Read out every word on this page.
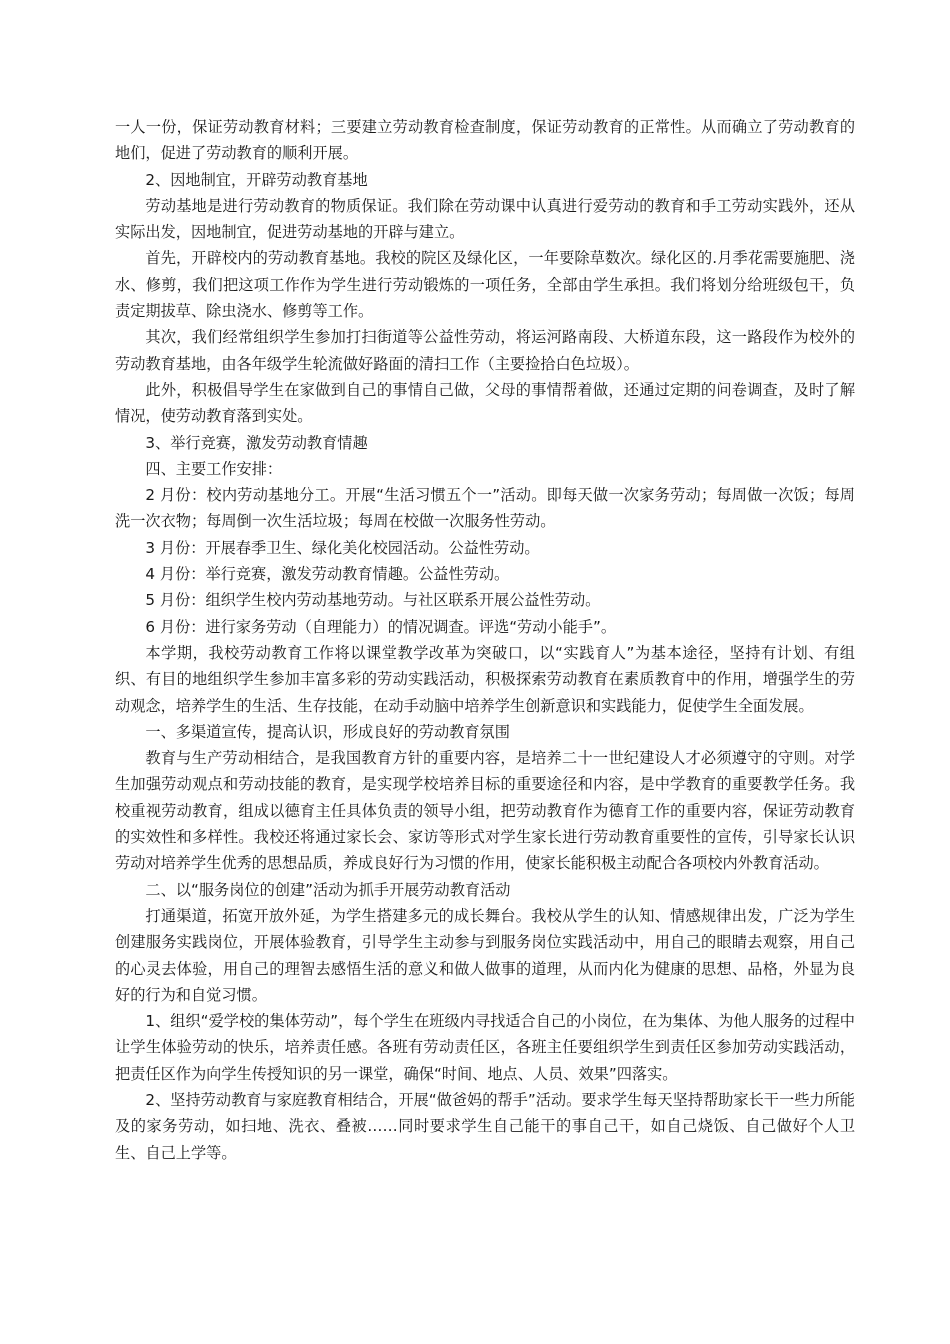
一人一份，保证劳动教育材料；三要建立劳动教育检查制度，保证劳动教育的正常性。从而确立了劳动教育的地们，促进了劳动教育的顺利开展。

2、因地制宜，开辟劳动教育基地

劳动基地是进行劳动教育的物质保证。我们除在劳动课中认真进行爱劳动的教育和手工劳动实践外，还从实际出发，因地制宜，促进劳动基地的开辟与建立。

首先，开辟校内的劳动教育基地。我校的院区及绿化区，一年要除草数次。绿化区的.月季花需要施肥、浇水、修剪，我们把这项工作作为学生进行劳动锻炼的一项任务，全部由学生承担。我们将划分给班级包干，负责定期拔草、除虫浇水、修剪等工作。

其次，我们经常组织学生参加打扫街道等公益性劳动，将运河路南段、大桥道东段，这一路段作为校外的劳动教育基地，由各年级学生轮流做好路面的清扫工作（主要捡拾白色垃圾）。

此外，积极倡导学生在家做到自己的事情自己做，父母的事情帮着做，还通过定期的问卷调查，及时了解情况，使劳动教育落到实处。

3、举行竞赛，激发劳动教育情趣

四、主要工作安排：

2 月份：校内劳动基地分工。开展“生活习惯五个一”活动。即每天做一次家务劳动；每周做一次饭；每周洗一次衣物；每周倒一次生活垃圾；每周在校做一次服务性劳动。

3 月份：开展春季卫生、绿化美化校园活动。公益性劳动。

4 月份：举行竞赛，激发劳动教育情趣。公益性劳动。

5 月份：组织学生校内劳动基地劳动。与社区联系开展公益性劳动。

6 月份：进行家务劳动（自理能力）的情况调查。评选“劳动小能手”。

本学期，我校劳动教育工作将以课堂教学改革为突破口，以“实践育人”为基本途径，坚持有计划、有组织、有目的地组织学生参加丰富多彩的劳动实践活动，积极探索劳动教育在素质教育中的作用，增强学生的劳动观念，培养学生的生活、生存技能，在动手动脑中培养学生创新意识和实践能力，促使学生全面发展。

一、多渠道宣传，提高认识，形成良好的劳动教育氛围

教育与生产劳动相结合，是我国教育方针的重要内容，是培养二十一世纪建设人才必须遵守的守则。对学生加强劳动观点和劳动技能的教育，是实现学校培养目标的重要途径和内容，是中学教育的重要教学任务。我校重视劳动教育，组成以德育主任具体负责的领导小组，把劳动教育作为德育工作的重要内容，保证劳动教育的实效性和多样性。我校还将通过家长会、家访等形式对学生家长进行劳动教育重要性的宣传，引导家长认识劳动对培养学生优秀的思想品质，养成良好行为习惯的作用，使家长能积极主动配合各项校内外教育活动。

二、以“服务岗位的创建”活动为抓手开展劳动教育活动

打通渠道，拓宽开放外延，为学生搭建多元的成长舞台。我校从学生的认知、情感规律出发，广泛为学生创建服务实践岗位，开展体验教育，引导学生主动参与到服务岗位实践活动中，用自己的眼睛去观察，用自己的心灵去体验，用自己的理智去感悟生活的意义和做人做事的道理，从而内化为健康的思想、品格，外显为良好的行为和自觉习惯。

1、组织“爱学校的集体劳动”，每个学生在班级内寻找适合自己的小岗位，在为集体、为他人服务的过程中让学生体验劳动的快乐，培养责任感。各班有劳动责任区，各班主任要组织学生到责任区参加劳动实践活动，把责任区作为向学生传授知识的另一课堂，确保“时间、地点、人员、效果”四落实。

2、坚持劳动教育与家庭教育相结合，开展“做爸妈的帮手”活动。要求学生每天坚持帮助家长干一些力所能及的家务劳动，如扫地、洗衣、叠被……同时要求学生自己能干的事自己干，如自己烧饭、自己做好个人卫生、自己上学等。
